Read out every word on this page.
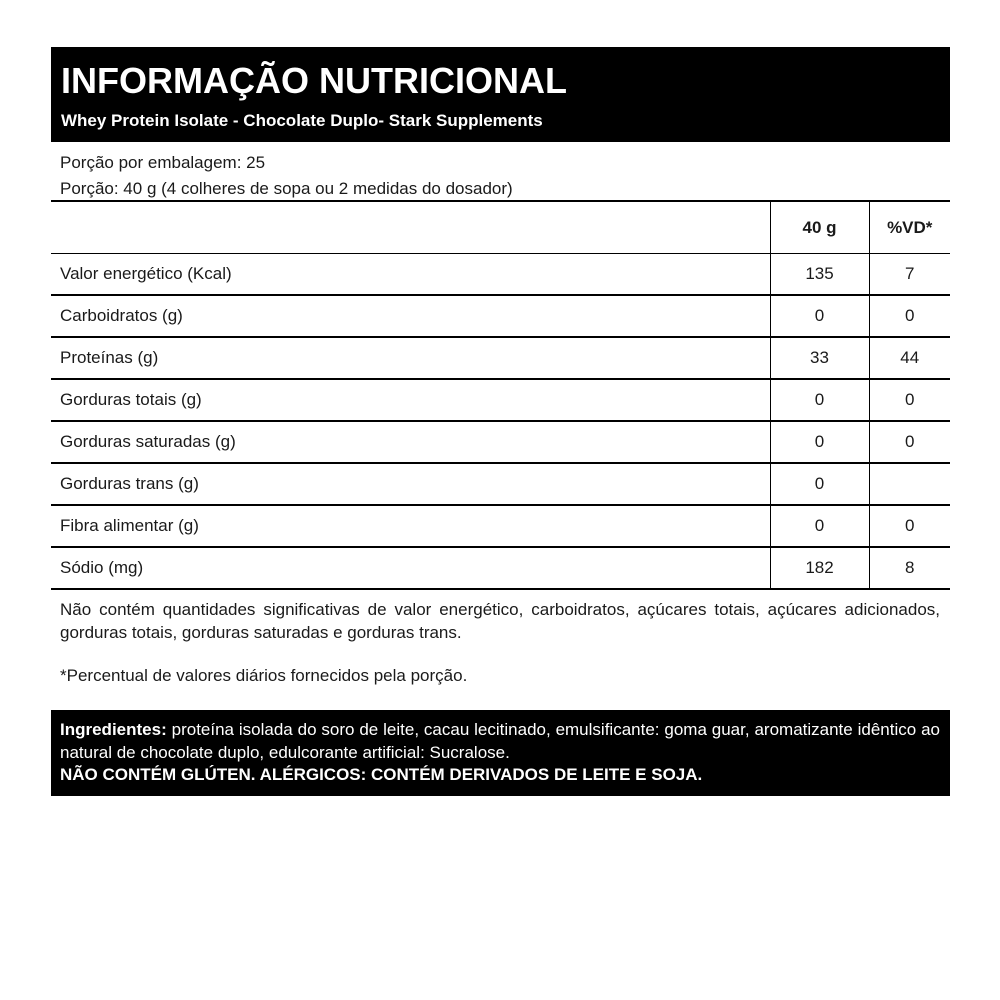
INFORMAÇÃO NUTRICIONAL
Whey Protein Isolate - Chocolate Duplo- Stark Supplements
Porção por embalagem: 25
Porção: 40 g (4 colheres de sopa ou 2 medidas do dosador)
	40 g	%VD*
Valor energético (Kcal)	135	7
Carboidratos (g)	0	0
Proteínas (g)	33	44
Gorduras totais (g)	0	0
Gorduras saturadas (g)	0	0
Gorduras trans (g)	0	
Fibra alimentar (g)	0	0
Sódio (mg)	182	8
Não contém quantidades significativas de valor energético, carboidratos, açúcares totais, açúcares adicionados, gorduras totais, gorduras saturadas e gorduras trans.
*Percentual de valores diários fornecidos pela porção.
Ingredientes: proteína isolada do soro de leite, cacau lecitinado, emulsificante: goma guar, aromatizante idêntico ao natural de chocolate duplo, edulcorante artificial: Sucralose.
NÃO CONTÉM GLÚTEN. ALÉRGICOS: CONTÉM DERIVADOS DE LEITE E SOJA.
